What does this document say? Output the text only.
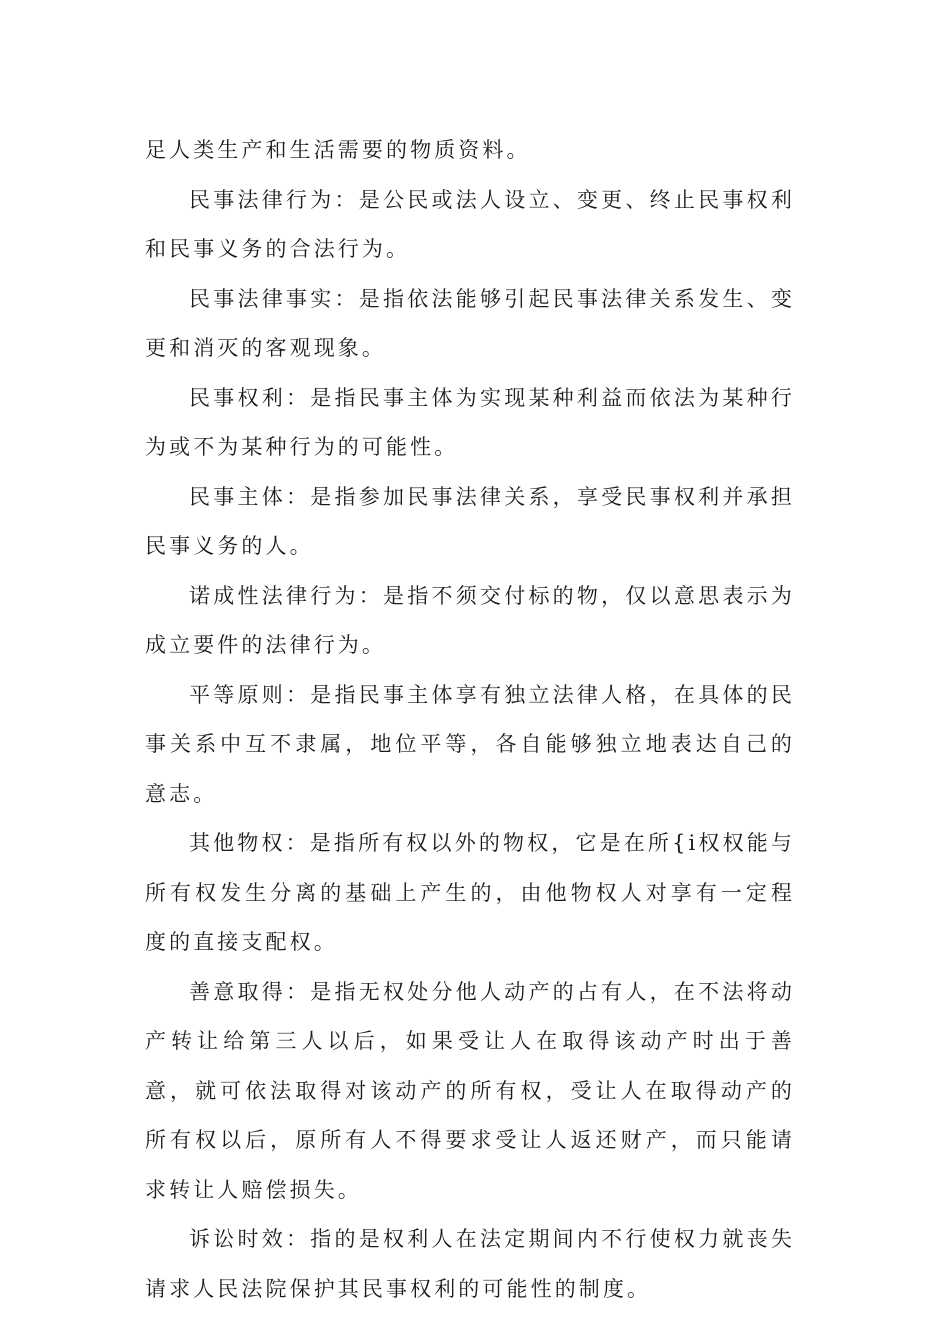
足人类生产和生活需要的物质资料。

民事法律行为：是公民或法人设立、变更、终止民事权利和民事义务的合法行为。

民事法律事实：是指依法能够引起民事法律关系发生、变更和消灭的客观现象。

民事权利：是指民事主体为实现某种利益而依法为某种行为或不为某种行为的可能性。

民事主体：是指参加民事法律关系，享受民事权利并承担民事义务的人。

诺成性法律行为：是指不须交付标的物，仅以意思表示为成立要件的法律行为。

平等原则：是指民事主体享有独立法律人格，在具体的民事关系中互不隶属，地位平等，各自能够独立地表达自己的意志。

其他物权：是指所有权以外的物权，它是在所{i权权能与所有权发生分离的基础上产生的，由他物权人对享有一定程度的直接支配权。

善意取得：是指无权处分他人动产的占有人，在不法将动产转让给第三人以后，如果受让人在取得该动产时出于善意，就可依法取得对该动产的所有权，受让人在取得动产的所有权以后，原所有人不得要求受让人返还财产，而只能请求转让人赔偿损失。

诉讼时效：指的是权利人在法定期间内不行使权力就丧失请求人民法院保护其民事权利的可能性的制度。
